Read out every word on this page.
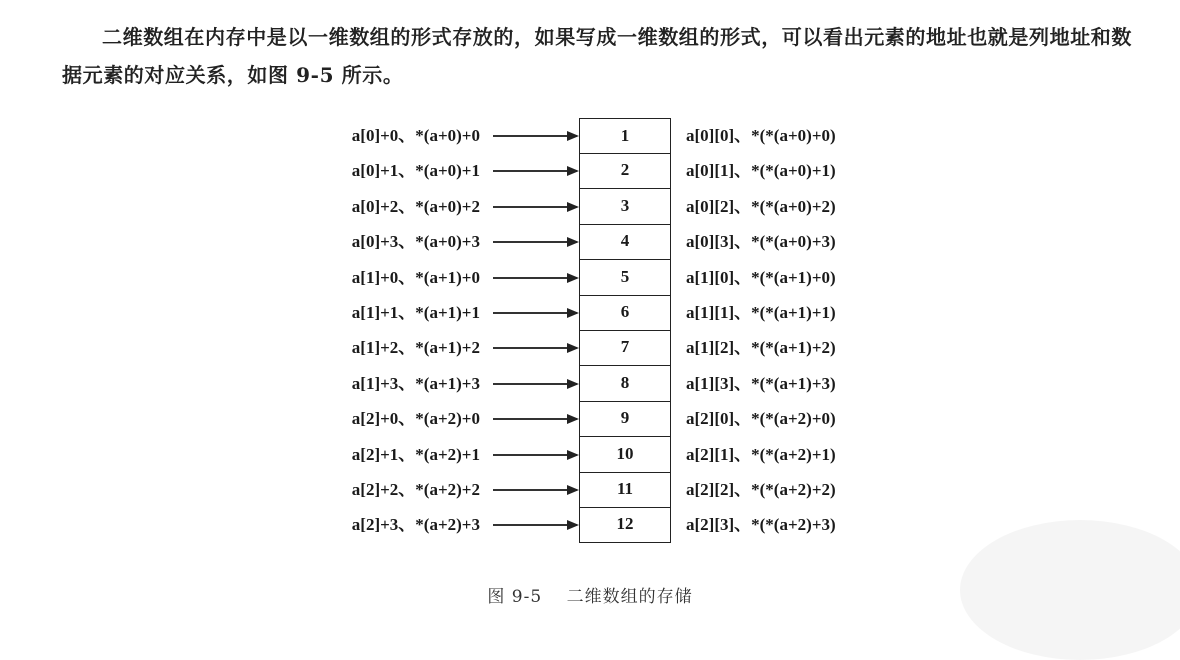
二维数组在内存中是以一维数组的形式存放的，如果写成一维数组的形式，可以看出元素的地址也就是列地址和数据元素的对应关系，如图 9-5 所示。

a[0]+0、*(a+0)+0	1	a[0][0]、*(*(a+0)+0)
a[0]+1、*(a+0)+1	2	a[0][1]、*(*(a+0)+1)
a[0]+2、*(a+0)+2	3	a[0][2]、*(*(a+0)+2)
a[0]+3、*(a+0)+3	4	a[0][3]、*(*(a+0)+3)
a[1]+0、*(a+1)+0	5	a[1][0]、*(*(a+1)+0)
a[1]+1、*(a+1)+1	6	a[1][1]、*(*(a+1)+1)
a[1]+2、*(a+1)+2	7	a[1][2]、*(*(a+1)+2)
a[1]+3、*(a+1)+3	8	a[1][3]、*(*(a+1)+3)
a[2]+0、*(a+2)+0	9	a[2][0]、*(*(a+2)+0)
a[2]+1、*(a+2)+1	10	a[2][1]、*(*(a+2)+1)
a[2]+2、*(a+2)+2	11	a[2][2]、*(*(a+2)+2)
a[2]+3、*(a+2)+3	12	a[2][3]、*(*(a+2)+3)
图 9-5 二维数组的存储
